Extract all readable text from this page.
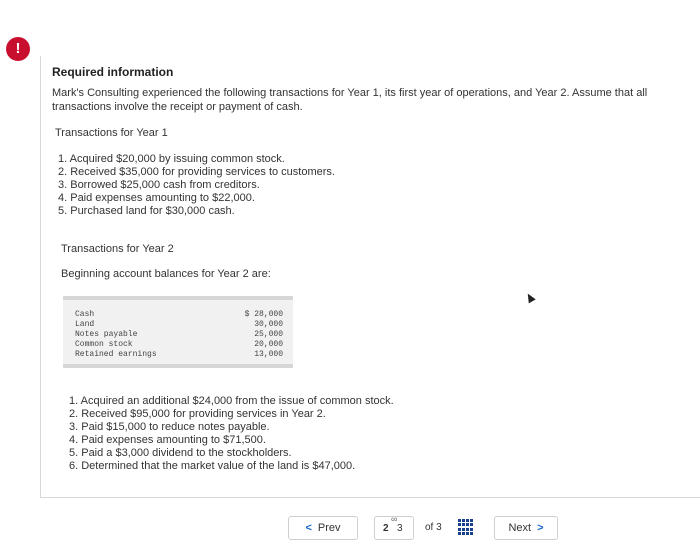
!
Required information
Mark's Consulting experienced the following transactions for Year 1, its first year of operations, and Year 2. Assume that all transactions involve the receipt or payment of cash.
Transactions for Year 1
1. Acquired $20,000 by issuing common stock.
2. Received $35,000 for providing services to customers.
3. Borrowed $25,000 cash from creditors.
4. Paid expenses amounting to $22,000.
5. Purchased land for $30,000 cash.
Transactions for Year 2
Beginning account balances for Year 2 are:
Cash	$ 28,000
Land	30,000
Notes payable	25,000
Common stock	20,000
Retained earnings	13,000
1. Acquired an additional $24,000 from the issue of common stock.
2. Received $95,000 for providing services in Year 2.
3. Paid $15,000 to reduce notes payable.
4. Paid expenses amounting to $71,500.
5. Paid a $3,000 dividend to the stockholders.
6. Determined that the market value of the land is $47,000.
< Prev
∞
2 3 of 3	Next >
